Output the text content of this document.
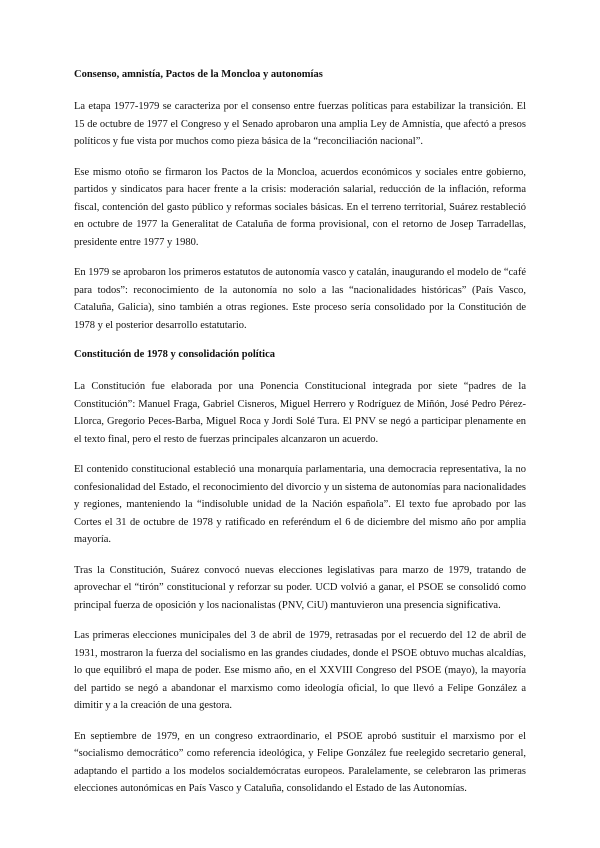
Consenso, amnistía, Pactos de la Moncloa y autonomías

La etapa 1977-1979 se caracteriza por el consenso entre fuerzas políticas para estabilizar la transición. El 15 de octubre de 1977 el Congreso y el Senado aprobaron una amplia Ley de Amnistía, que afectó a presos políticos y fue vista por muchos como pieza básica de la “reconciliación nacional”.

Ese mismo otoño se firmaron los Pactos de la Moncloa, acuerdos económicos y sociales entre gobierno, partidos y sindicatos para hacer frente a la crisis: moderación salarial, reducción de la inflación, reforma fiscal, contención del gasto público y reformas sociales básicas. En el terreno territorial, Suárez restableció en octubre de 1977 la Generalitat de Cataluña de forma provisional, con el retorno de Josep Tarradellas, presidente entre 1977 y 1980.

En 1979 se aprobaron los primeros estatutos de autonomía vasco y catalán, inaugurando el modelo de “café para todos”: reconocimiento de la autonomía no solo a las “nacionalidades históricas” (País Vasco, Cataluña, Galicia), sino también a otras regiones. Este proceso sería consolidado por la Constitución de 1978 y el posterior desarrollo estatutario.

Constitución de 1978 y consolidación política

La Constitución fue elaborada por una Ponencia Constitucional integrada por siete “padres de la Constitución”: Manuel Fraga, Gabriel Cisneros, Miguel Herrero y Rodríguez de Miñón, José Pedro Pérez-Llorca, Gregorio Peces-Barba, Miguel Roca y Jordi Solé Tura. El PNV se negó a participar plenamente en el texto final, pero el resto de fuerzas principales alcanzaron un acuerdo.

El contenido constitucional estableció una monarquía parlamentaria, una democracia representativa, la no confesionalidad del Estado, el reconocimiento del divorcio y un sistema de autonomías para nacionalidades y regiones, manteniendo la “indisoluble unidad de la Nación española”. El texto fue aprobado por las Cortes el 31 de octubre de 1978 y ratificado en referéndum el 6 de diciembre del mismo año por amplia mayoría.

Tras la Constitución, Suárez convocó nuevas elecciones legislativas para marzo de 1979, tratando de aprovechar el “tirón” constitucional y reforzar su poder. UCD volvió a ganar, el PSOE se consolidó como principal fuerza de oposición y los nacionalistas (PNV, CiU) mantuvieron una presencia significativa.

Las primeras elecciones municipales del 3 de abril de 1979, retrasadas por el recuerdo del 12 de abril de 1931, mostraron la fuerza del socialismo en las grandes ciudades, donde el PSOE obtuvo muchas alcaldías, lo que equilibró el mapa de poder. Ese mismo año, en el XXVIII Congreso del PSOE (mayo), la mayoría del partido se negó a abandonar el marxismo como ideología oficial, lo que llevó a Felipe González a dimitir y a la creación de una gestora.

En septiembre de 1979, en un congreso extraordinario, el PSOE aprobó sustituir el marxismo por el “socialismo democrático” como referencia ideológica, y Felipe González fue reelegido secretario general, adaptando el partido a los modelos socialdemócratas europeos. Paralelamente, se celebraron las primeras elecciones autonómicas en País Vasco y Cataluña, consolidando el Estado de las Autonomías.
